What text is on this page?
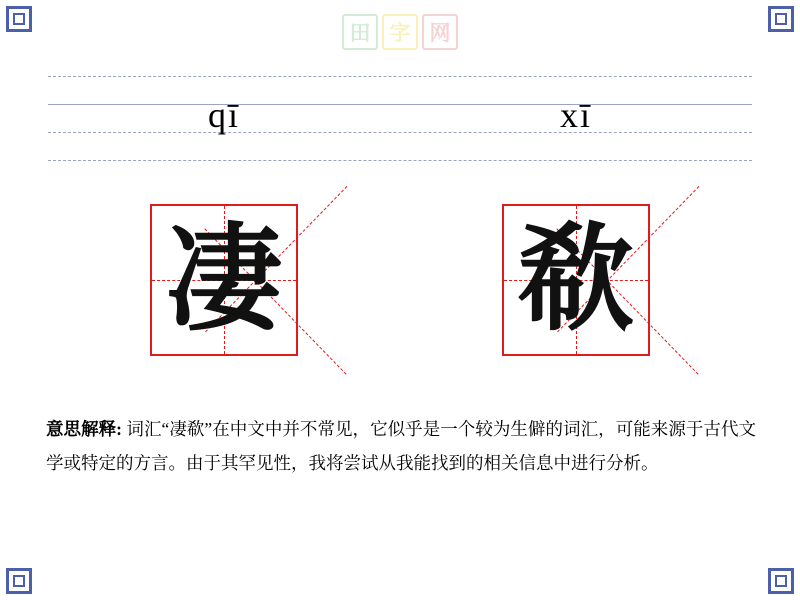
田 字 网
qī	xī
凄 欷
意思解释: 词汇“凄欷”在中文中并不常见，它似乎是一个较为生僻的词汇，可能来源于古代文学或特定的方言。由于其罕见性，我将尝试从我能找到的相关信息中进行分析。
